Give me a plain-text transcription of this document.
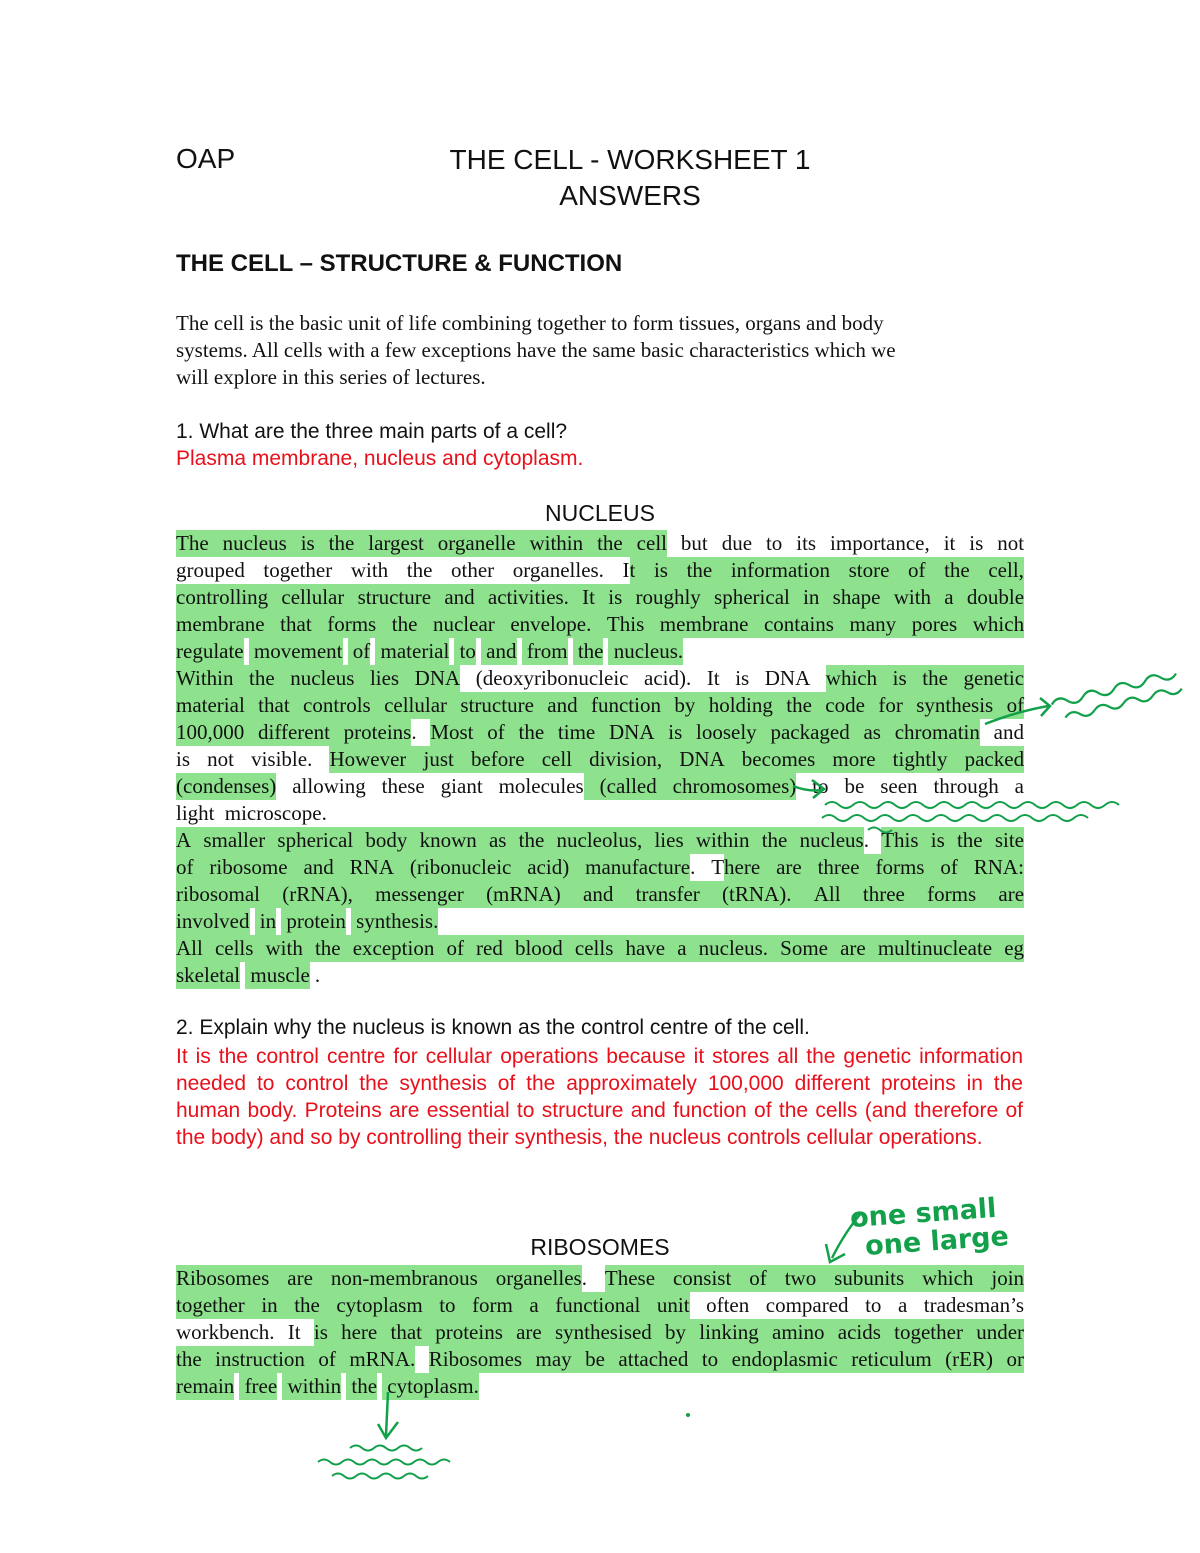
OAP	THE CELL - WORKSHEET 1
ANSWERS
THE CELL – STRUCTURE & FUNCTION
The cell is the basic unit of life combining together to form tissues, organs and body
systems. All cells with a few exceptions have the same basic characteristics which we
will explore in this series of lectures.
1. What are the three main parts of a cell?
Plasma membrane, nucleus and cytoplasm.
NUCLEUS
The
nucleus
is
the
largest
organelle
within
the
cell
but
due
to
its
importance,
it
is
not
grouped
together
with
the
other
organelles.
I t
is
the
information
store
of
the
cell,
controlling
cellular
structure
and
activities.
It
is
roughly
spherical
in
shape
with
a
double
membrane
that
forms
the
nuclear
envelope.
This
membrane
contains
many
pores
which
regulate
movement
of
material
to
and
from
the
nucleus.
Within
the
nucleus
lies
DNA
(deoxyribonucleic
acid).
It
is
DNA
which
is
the
genetic
material
that
controls
cellular
structure
and
function
by
holding
the
code
for
synthesis
of
100,000
different
proteins .
Most
of
the
time
DNA
is
loosely
packaged
as
chromatin
and
is
not
visible.
However
just
before
cell
division,
DNA
becomes
more
tightly
packed
(condenses)
allowing
these
giant
molecules
(called
chromosomes)
to
be
seen
through
a
light
microscope.
A
smaller
spherical
body
known
as
the
nucleolus,
lies
within
the
nucleus .
This
is
the
site
of
ribosome
and
RNA
(ribonucleic
acid)
manufacture .
T here
are
three
forms
of
RNA:
ribosomal
(rRNA),
messenger
(mRNA)
and
transfer
(tRNA).
All
three
forms
are
involved
in
protein
synthesis.
All
cells
with
the
exception
of
red
blood
cells
have
a
nucleus.
Some
are
multinucleate
eg
skeletal
muscle .
2. Explain why the nucleus is known as the control centre of the cell.
It is the control centre for cellular operations because it stores all the genetic information needed to control the synthesis of the approximately 100,000 different proteins in the human body. Proteins are essential to structure and function of the cells (and therefore of the body) and so by controlling their synthesis, the nucleus controls cellular operations.
RIBOSOMES
Ribosomes
are
non-membranous
organelles .
These
consist
of
two
subunits
which
join
together
in
the
cytoplasm
to
form
a
functional
unit
often
compared
to
a
tradesman’s
workbench.
It
is
here
that
proteins
are
synthesised
by
linking
amino
acids
together
under
the
instruction
of
mRNA.
Ribosomes
may
be
attached
to
endoplasmic
reticulum
(rER)
or
remain
free
within
the
cytoplasm.
one small
one large
